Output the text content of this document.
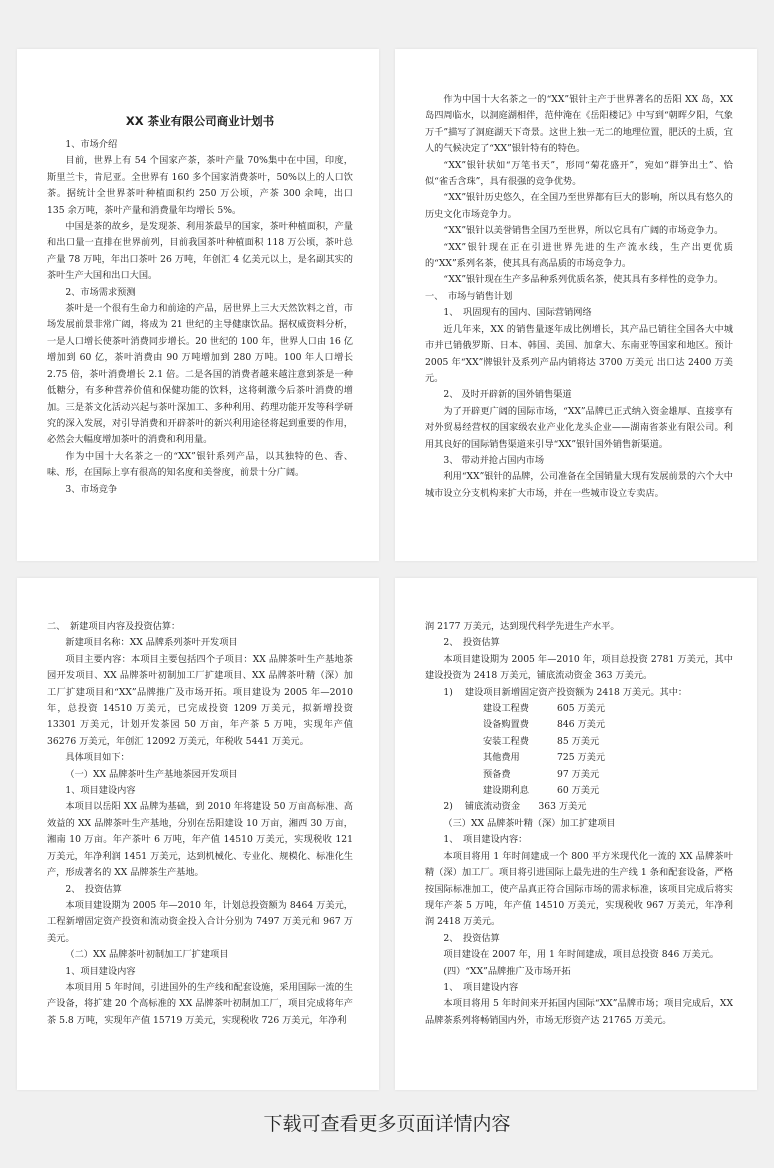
XX 茶业有限公司商业计划书

1、市场介绍

目前，世界上有 54 个国家产茶，茶叶产量 70%集中在中国，印度，斯里兰卡，肯尼亚。全世界有 160 多个国家消费茶叶，50%以上的人口饮茶。据统计全世界茶叶种植面积约 250 万公顷，产茶 300 余吨，出口 135 余万吨，茶叶产量和消费量年均增长 5%。

中国是茶的故乡，是发现茶、利用茶最早的国家，茶叶种植面积，产量和出口量一直排在世界前列，目前我国茶叶种植面积 118 万公顷，茶叶总产量 78 万吨，年出口茶叶 26 万吨，年创汇 4 亿美元以上，是名副其实的茶叶生产大国和出口大国。

2、市场需求预测

茶叶是一个很有生命力和前途的产品，居世界上三大天然饮料之首，市场发展前景非常广阔，将成为 21 世纪的主导健康饮品。据权威资料分析，一是人口增长使茶叶消费同步增长。20 世纪的 100 年，世界人口由 16 亿增加到 60 亿，茶叶消费由 90 万吨增加到 280 万吨。100 年人口增长 2.75 倍，茶叶消费增长 2.1 倍。二是各国的消费者越来越注意到茶是一种低糖分，有多种营养价值和保健功能的饮料，这将刺激今后茶叶消费的增加。三是茶文化活动兴起与茶叶深加工、多种利用、药理功能开发等科学研究的深入发展，对引导消费和开辟茶叶的新兴利用途径将起到重要的作用，必然会大幅度增加茶叶的消费和利用量。

作为中国十大名茶之一的“XX”银针系列产品，以其独特的色、香、味、形，在国际上享有很高的知名度和美誉度，前景十分广阔。

3、市场竞争

作为中国十大名茶之一的“XX”银针主产于世界著名的岳阳 XX 岛，XX 岛四周临水，以洞庭湖相伴，范仲淹在《岳阳楼记》中写到“朝晖夕阳，气象万千”描写了洞庭湖天下奇景。这世上独一无二的地理位置，肥沃的土质，宜人的气候决定了“XX”银针特有的特色。

“XX”银针状如“万笔书天”，形同“菊花盛开”，宛如“群笋出土”、恰似“雀舌含珠”，具有很强的竞争优势。

“XX”银针历史悠久，在全国乃至世界都有巨大的影响，所以具有悠久的历史文化市场竞争力。

“XX”银针以美誉销售全国乃至世界，所以它具有广阔的市场竞争力。

“XX”银针现在正在引进世界先进的生产流水线，生产出更优质的“XX”系列名茶，使其具有高品质的市场竞争力。

“XX”银针现在生产多品种系列优质名茶，使其具有多样性的竞争力。

一、　市场与销售计划

1、　巩固现有的国内、国际营销网络

近几年来，XX 的销售量逐年成比例增长，其产品已销往全国各大中城市并已销俄罗斯、日本、韩国、美国、加拿大、东南亚等国家和地区。预计 2005 年“XX”牌银针及系列产品内销将达 3700 万美元 出口达 2400 万美元。

2、 及时开辟新的国外销售渠道

为了开辟更广阔的国际市场，“XX”品牌已正式纳入资金雄厚、直接享有对外贸易经营权的国家级农业产业化龙头企业——湖南省茶业有限公司。利用其良好的国际销售渠道来引导“XX”银针国外销售新渠道。

3、 带动并抢占国内市场

利用“XX”银针的品牌，公司准备在全国销量大现有发展前景的六个大中城市设立分支机构来扩大市场，并在一些城市设立专卖店。

二、　新建项目内容及投资估算：

新建项目名称：XX 品牌系列茶叶开发项目

项目主要内容：本项目主要包括四个子项目：XX 品牌茶叶生产基地茶园开发项目、XX 品牌茶叶初制加工厂扩建项目、XX 品牌茶叶精（深）加工厂扩建项目和“XX”品牌推广及市场开拓。项目建设为 2005 年—2010 年，总投资 14510 万美元，已完成投资 1209 万美元，拟新增投资 13301 万美元，计划开发茶园 50 万亩，年产茶 5 万吨，实现年产值 36276 万美元，年创汇 12092 万美元，年税收 5441 万美元。

具体项目如下：

（一）XX 品牌茶叶生产基地茶园开发项目

1、项目建设内容

本项目以岳阳 XX 品牌为基础，到 2010 年将建设 50 万亩高标准、高效益的 XX 品牌茶叶生产基地，分别在岳阳建设 10 万亩，湘西 30 万亩，湘南 10 万亩。年产茶叶 6 万吨，年产值 14510 万美元，实现税收 121 万美元，年净利润 1451 万美元，达到机械化、专业化、规模化、标准化生产，形成著名的 XX 品牌茶生产基地。

2、　投资估算

本项目建设期为 2005 年—2010 年，计划总投资额为 8464 万美元，工程新增固定资产投资和流动资金投入合计分别为 7497 万美元和 967 万美元。

（二）XX 品牌茶叶初制加工厂扩建项目

1、项目建设内容

本项目用 5 年时间，引进国外的生产线和配套设施，采用国际一流的生产设备，将扩建 20 个高标准的 XX 品牌茶叶初制加工厂，项目完成将年产茶 5.8 万吨，实现年产值 15719 万美元，实现税收 726 万美元，年净利

润 2177 万美元，达到现代科学先进生产水平。

2、　投资估算

本项目建设期为 2005 年—2010 年，项目总投资 2781 万美元，其中建设投资为 2418 万美元，铺底流动资金 363 万美元。

1)　 建设项目新增固定资产投资额为 2418 万美元。其中：

建设工程费	605 万美元
设备购置费	846 万美元
安装工程费	85 万美元
其他费用	725 万美元
预备费	97 万美元
建设期利息	60 万美元

2)　 铺底流动资金　　363 万美元

（三）XX 品牌茶叶精（深）加工扩建项目

1、　项目建设内容：

本项目将用 1 年时间建成一个 800 平方米现代化一流的 XX 品牌茶叶精（深）加工厂。项目将引进国际上最先进的生产线 1 条和配套设备，严格按国际标准加工，使产品真正符合国际市场的需求标准，该项目完成后将实现年产茶 5 万吨，年产值 14510 万美元，实现税收 967 万美元，年净利润 2418 万美元。

2、　投资估算

项目建设在 2007 年，用 1 年时间建成，项目总投资 846 万美元。

(四）“XX”品牌推广及市场开拓

1、　项目建设内容

本项目将用 5 年时间来开拓国内国际“XX”品牌市场；项目完成后，XX 品牌茶系列将畅销国内外，市场无形资产达 21765 万美元。

下载可查看更多页面详情内容
